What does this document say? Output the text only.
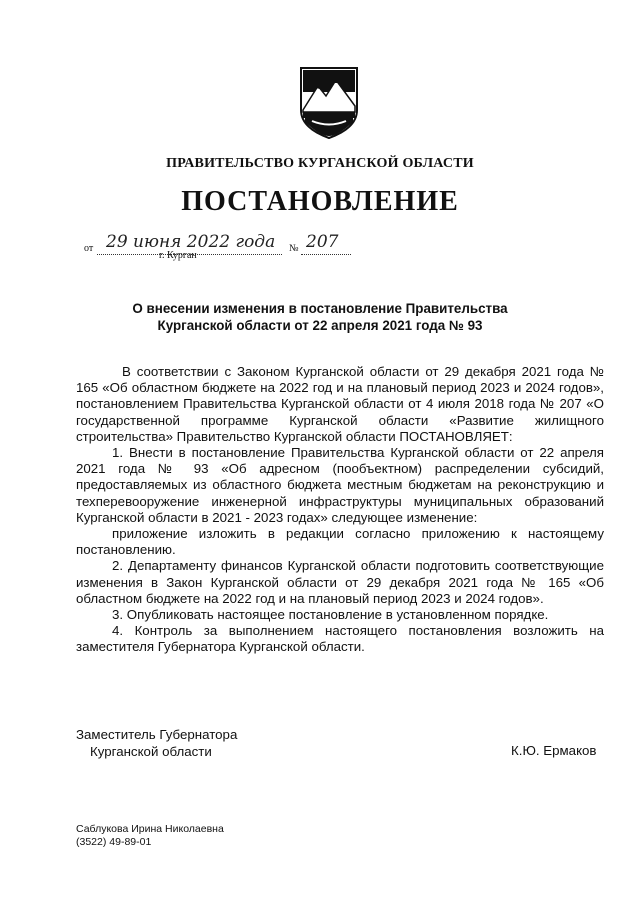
ПРАВИТЕЛЬСТВО КУРГАНСКОЙ ОБЛАСТИ
ПОСТАНОВЛЕНИЕ
от 29 июня 2022 года № 207
г. Курган
О внесении изменения в постановление Правительства
Курганской области от 22 апреля 2021 года № 93

В соответствии с Законом Курганской области от 29 декабря 2021 года № 165 «Об областном бюджете на 2022 год и на плановый период 2023 и 2024 годов», постановлением Правительства Курганской области от 4 июля 2018 года № 207 «О государственной программе Курганской области «Развитие жилищного строительства» Правительство Курганской области ПОСТАНОВЛЯЕТ:

1. Внести в постановление Правительства Курганской области от 22 апреля 2021 года № 93 «Об адресном (пообъектном) распределении субсидий, предоставляемых из областного бюджета местным бюджетам на реконструкцию и техперевооружение инженерной инфраструктуры муниципальных образований Курганской области в 2021 - 2023 годах» следующее изменение:

приложение изложить в редакции согласно приложению к настоящему постановлению.

2. Департаменту финансов Курганской области подготовить соответствующие изменения в Закон Курганской области от 29 декабря 2021 года № 165 «Об областном бюджете на 2022 год и на плановый период 2023 и 2024 годов».

3. Опубликовать настоящее постановление в установленном порядке.

4. Контроль за выполнением настоящего постановления возложить на заместителя Губернатора Курганской области.

Заместитель Губернатора
Курганской области	К.Ю. Ермаков
Саблукова Ирина Николаевна
(3522) 49-89-01
